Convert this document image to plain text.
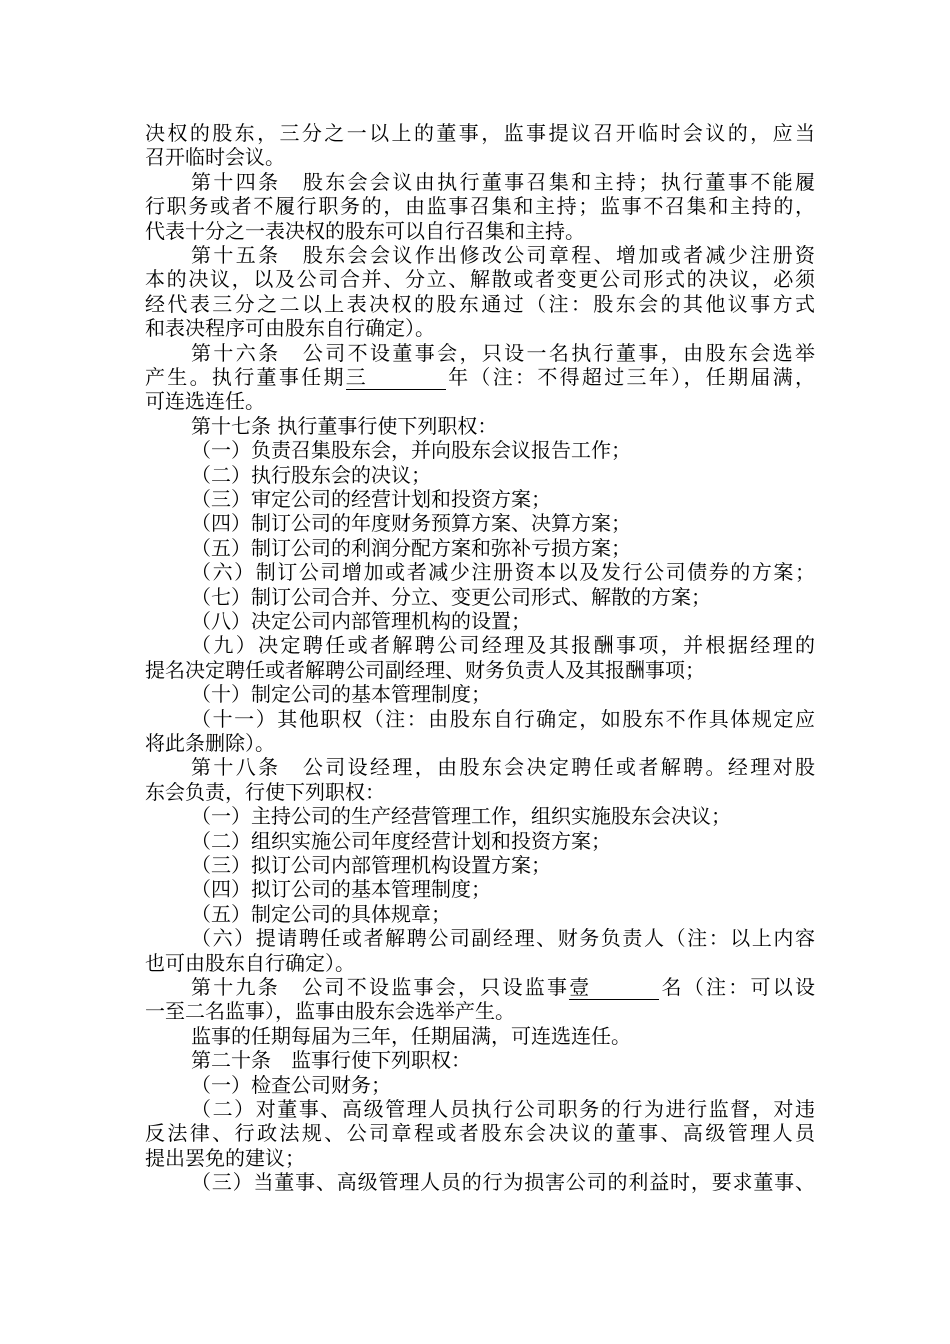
决权的股东，三分之一以上的董事，监事提议召开临时会议的，应当
召开临时会议。
第十四条　股东会会议由执行董事召集和主持；执行董事不能履
行职务或者不履行职务的，由监事召集和主持；监事不召集和主持的，
代表十分之一表决权的股东可以自行召集和主持。
第十五条　股东会会议作出修改公司章程、增加或者减少注册资
本的决议，以及公司合并、分立、解散或者变更公司形式的决议，必须
经代表三分之二以上表决权的股东通过（注：股东会的其他议事方式
和表决程序可由股东自行确定）。
第十六条　公司不设董事会，只设一名执行董事，由股东会选举
产生。执行董事任期三	年（注：不得超过三年），任期届满，
可连选连任。
第十七条 执行董事行使下列职权：
（一）负责召集股东会，并向股东会议报告工作；
（二）执行股东会的决议；
（三）审定公司的经营计划和投资方案；
（四）制订公司的年度财务预算方案、决算方案；
（五）制订公司的利润分配方案和弥补亏损方案；
（六）制订公司增加或者减少注册资本以及发行公司债券的方案；
（七）制订公司合并、分立、变更公司形式、解散的方案；
（八）决定公司内部管理机构的设置；
（九）决定聘任或者解聘公司经理及其报酬事项，并根据经理的
提名决定聘任或者解聘公司副经理、财务负责人及其报酬事项；
（十）制定公司的基本管理制度；
（十一）其他职权（注：由股东自行确定，如股东不作具体规定应
将此条删除）。
第十八条　公司设经理，由股东会决定聘任或者解聘。经理对股
东会负责，行使下列职权：
（一）主持公司的生产经营管理工作，组织实施股东会决议；
（二）组织实施公司年度经营计划和投资方案；
（三）拟订公司内部管理机构设置方案；
（四）拟订公司的基本管理制度；
（五）制定公司的具体规章；
（六）提请聘任或者解聘公司副经理、财务负责人（注：以上内容
也可由股东自行确定）。
第十九条　公司不设监事会，只设监事壹	名（注：可以设
一至二名监事），监事由股东会选举产生。
监事的任期每届为三年，任期届满，可连选连任。
第二十条　监事行使下列职权：
（一）检查公司财务；
（二）对董事、高级管理人员执行公司职务的行为进行监督，对违
反法律、行政法规、公司章程或者股东会决议的董事、高级管理人员
提出罢免的建议；
（三）当董事、高级管理人员的行为损害公司的利益时，要求董事、
